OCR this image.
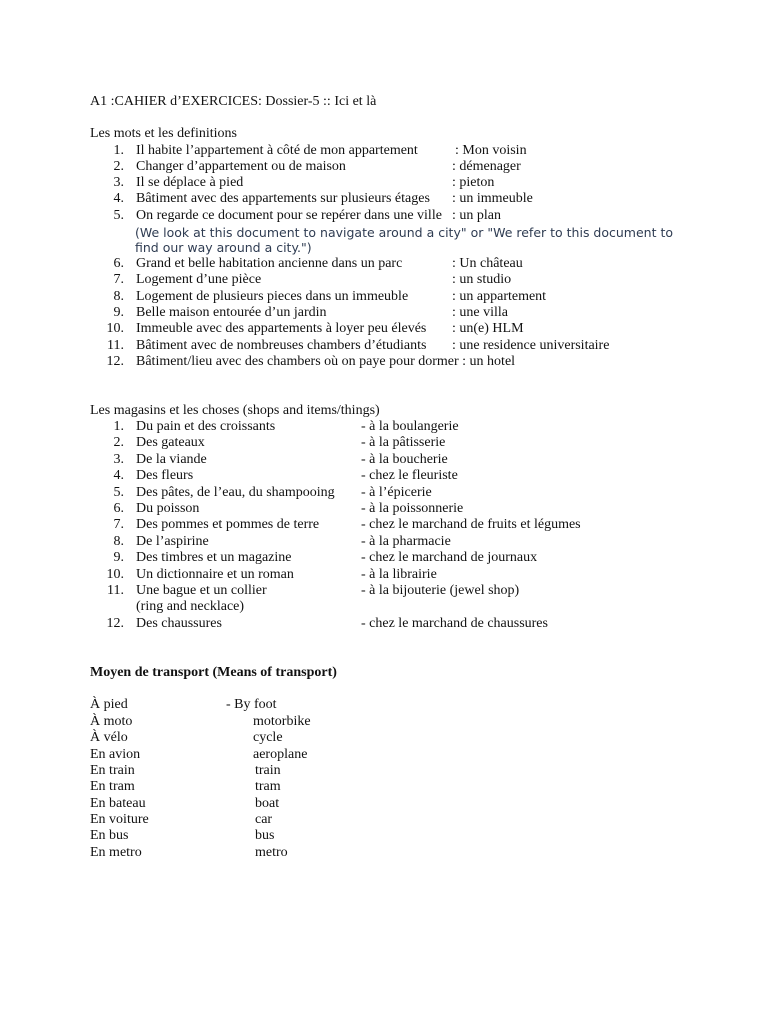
A1 :CAHIER d’EXERCICES: Dossier-5 :: Ici et là
Les mots et les definitions
1. Il habite l’appartement à côté de mon appartement	: Mon voisin
2. Changer d’appartement ou de maison	: démenager
3. Il se déplace à pied	: pieton
4. Bâtiment avec des appartements sur plusieurs étages : un immeuble
5. On regarde ce document pour se repérer dans une ville : un plan
(We look at this document to navigate around a city" or "We refer to this document to
find our way around a city.")
6. Grand et belle habitation ancienne dans un parc	: Un château
7. Logement d’une pièce	: un studio
8. Logement de plusieurs pieces dans un immeuble	: un appartement
9. Belle maison entourée d’un jardin	: une villa
10. Immeuble avec des appartements à loyer peu élevés : un(e) HLM
11. Bâtiment avec de nombreuses chambers d’étudiants : une residence universitaire
12. Bâtiment/lieu avec des chambers où on paye pour dormer : un hotel
Les magasins et les choses (shops and items/things)
1. Du pain et des croissants	- à la boulangerie
2. Des gateaux	- à la pâtisserie
3. De la viande	- à la boucherie
4. Des fleurs	- chez le fleuriste
5. Des pâtes, de l’eau, du shampooing - à l’épicerie
6. Du poisson	- à la poissonnerie
7. Des pommes et pommes de terre	- chez le marchand de fruits et légumes
8. De l’aspirine	- à la pharmacie
9. Des timbres et un magazine	- chez le marchand de journaux
10. Un dictionnaire et un roman	- à la librairie
11. Une bague et un collier	- à la bijouterie (jewel shop)
(ring and necklace)
12. Des chaussures	- chez le marchand de chaussures
Moyen de transport (Means of transport)
À pied	- By foot
À moto	motorbike
À vélo	cycle
En avion	aeroplane
En train	train
En tram	tram
En bateau	boat
En voiture	car
En bus	bus
En metro	metro
